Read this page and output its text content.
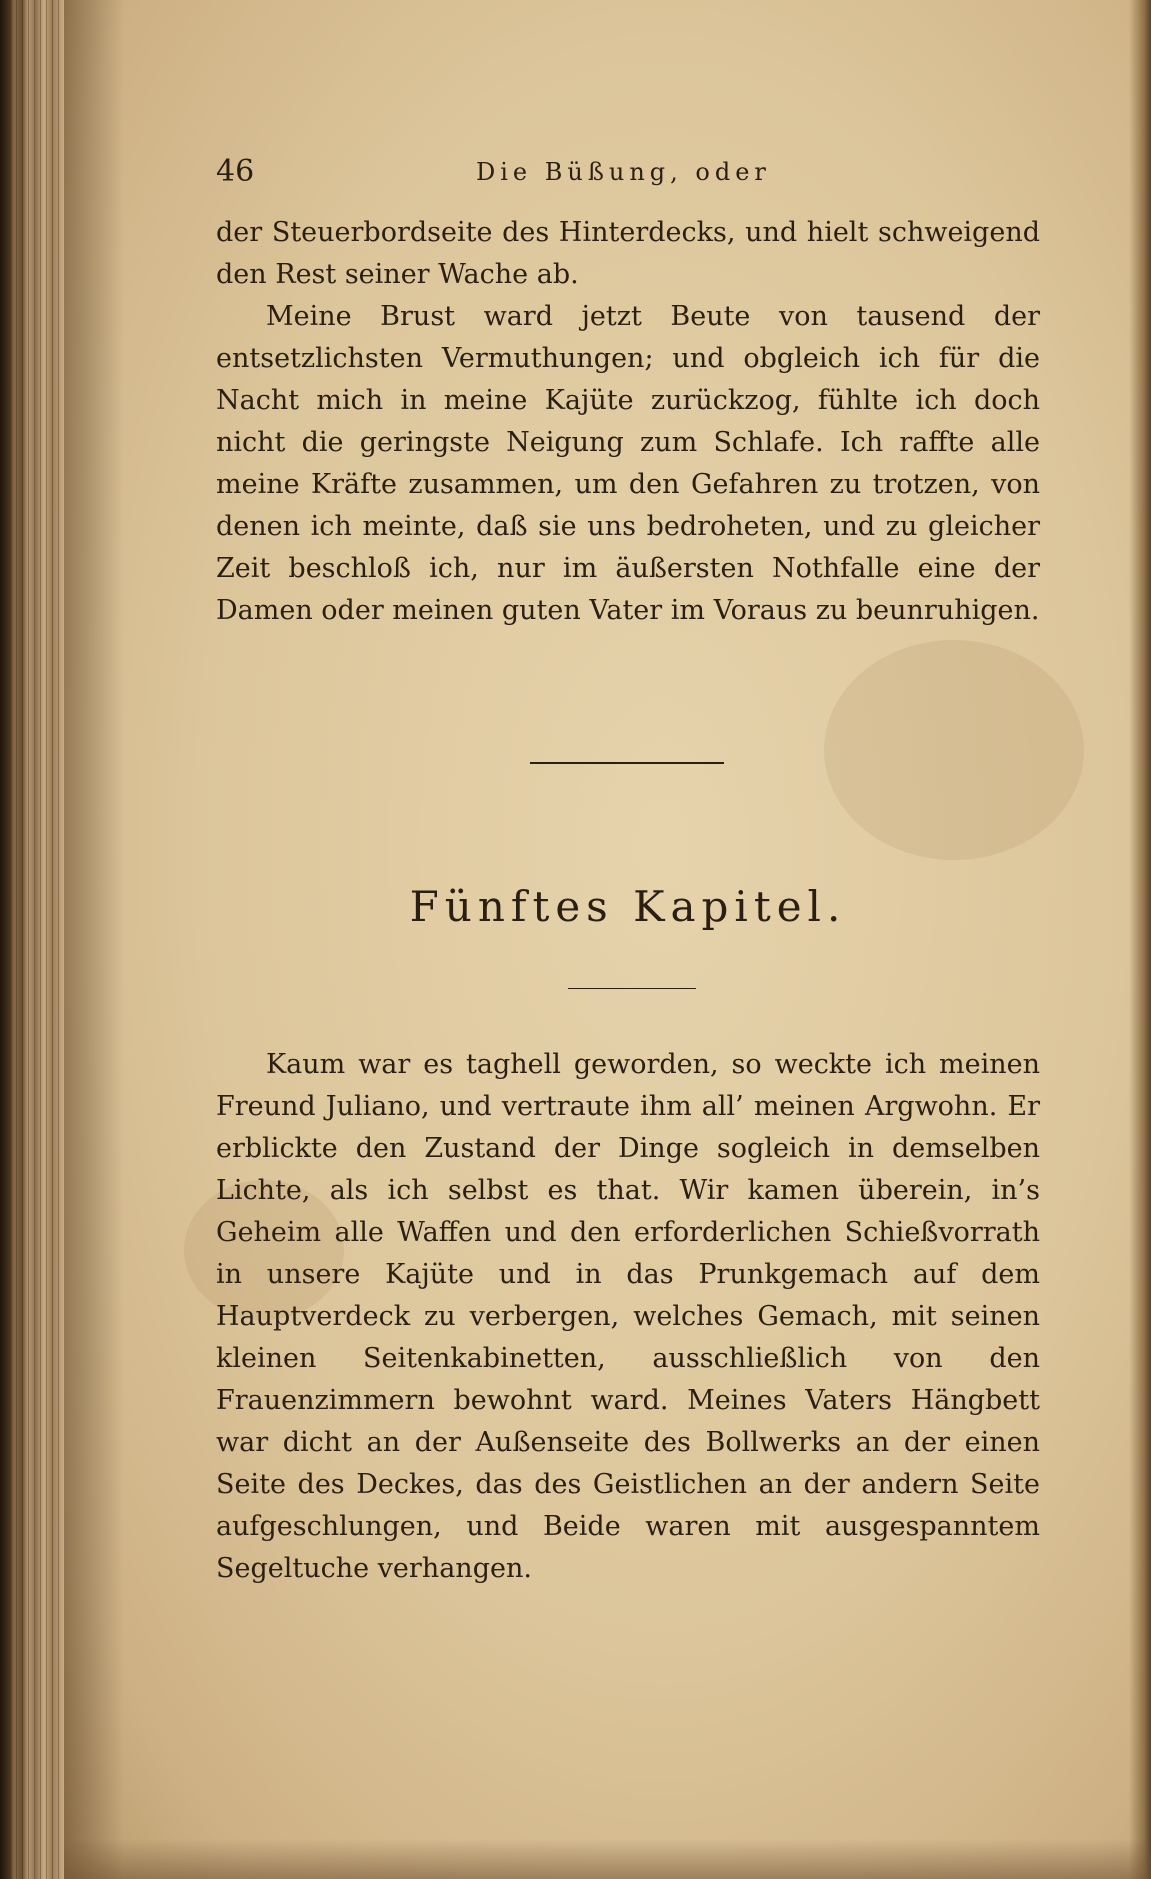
46	Die Büßung, oder

der Steuerbordseite des Hinterdecks, und hielt schweigend den Rest seiner Wache ab.

Meine Brust ward jetzt Beute von tausend der entsetzlichsten Vermuthungen; und obgleich ich für die Nacht mich in meine Kajüte zurückzog, fühlte ich doch nicht die geringste Neigung zum Schlafe. Ich raffte alle meine Kräfte zusammen, um den Gefahren zu trotzen, von denen ich meinte, daß sie uns bedroheten, und zu gleicher Zeit beschloß ich, nur im äußersten Nothfalle eine der Damen oder meinen guten Vater im Voraus zu beunruhigen.

Fünftes Kapitel.

Kaum war es taghell geworden, so weckte ich meinen Freund Juliano, und vertraute ihm all’ meinen Argwohn. Er erblickte den Zustand der Dinge sogleich in demselben Lichte, als ich selbst es that. Wir kamen überein, in’s Geheim alle Waffen und den erforderlichen Schießvorrath in unsere Kajüte und in das Prunkgemach auf dem Hauptverdeck zu verbergen, welches Gemach, mit seinen kleinen Seitenkabinetten, ausschließlich von den Frauenzimmern bewohnt ward. Meines Vaters Hängbett war dicht an der Außenseite des Bollwerks an der einen Seite des Deckes, das des Geistlichen an der andern Seite aufgeschlungen, und Beide waren mit ausgespanntem Segeltuche verhangen.
